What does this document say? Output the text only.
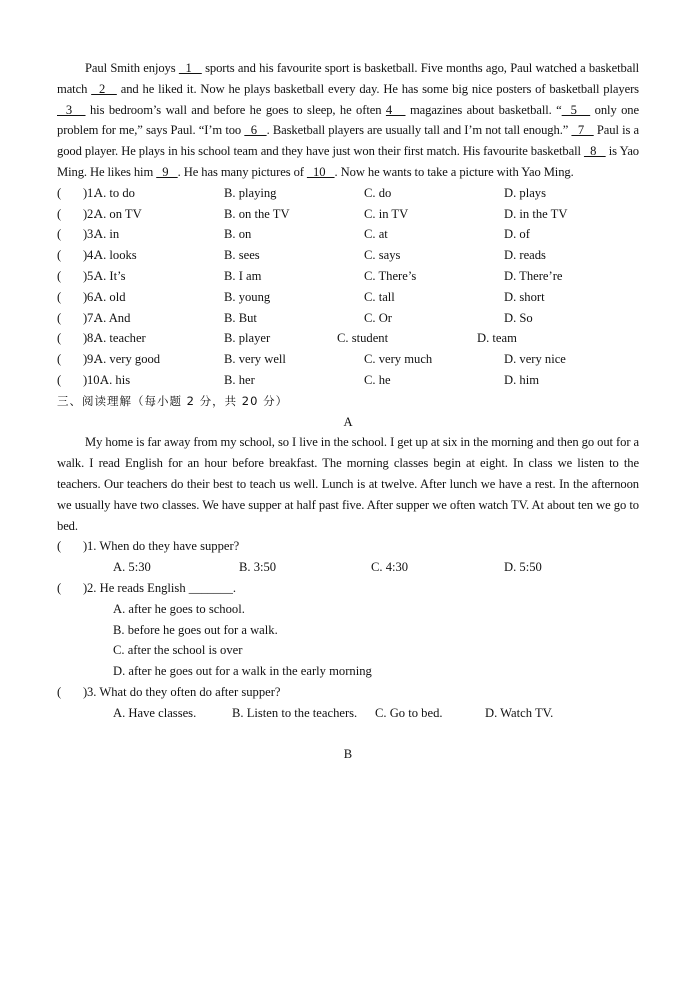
Paul Smith enjoys   1    sports and his favourite sport is basketball. Five months ago, Paul watched a basketball match   2    and he liked it. Now he plays basketball every day. He has some big nice posters of basketball players   3    his bedroom’s wall and before he goes to sleep, he often 4    magazines about basketball. “  5    only one problem for me,” says Paul. “I’m too   6   . Basketball players are usually tall and I’m not tall enough.”   7    Paul is a good player. He plays in his school team and they have just won their first match. His favourite basketball   8    is Yao Ming. He likes him   9   . He has many pictures of   10   . Now he wants to take a picture with Yao Ming.

( ) 1.
A. to do	B. playing	C. do	D. plays
( ) 2.
A. on TV	B. on the TV	C. in TV	D. in the TV
( ) 3.
A. in	B. on	C. at	D. of
( ) 4.
A. looks	B. sees	C. says	D. reads
( ) 5.
A. It’s	B. I am	C. There’s	D. There’re
( ) 6.
A. old	B. young	C. tall	D. short
( ) 7.
A. And	B. But	C. Or	D. So
( ) 8.
A. teacher	B. player	C. student	D. team
( ) 9.
A. very good	B. very well	C. very much	D. very nice
( ) 10.
A. his	B. her	C. he	D. him

三、阅读理解（每小题 2 分，共 20 分）

A

My home is far away from my school, so I live in the school. I get up at six in the morning and then go out for a walk. I read English for an hour before breakfast. The morning classes begin at eight. In class we listen to the teachers. Our teachers do their best to teach us well. Lunch is at twelve. After lunch we have a rest. In the afternoon we usually have two classes. We have supper at half past five. After supper we often watch TV. At about ten we go to bed.

( ) 1. When do they have supper?
A. 5:30	B. 3:50	C. 4:30	D. 5:50
( ) 2. He reads English _______.

A. after he goes to school.

B. before he goes out for a walk.

C. after the school is over

D. after he goes out for a walk in the early morning

( ) 3. What do they often do after supper?
A. Have classes.	B. Listen to the teachers. C. Go to bed.	D. Watch TV.

B
